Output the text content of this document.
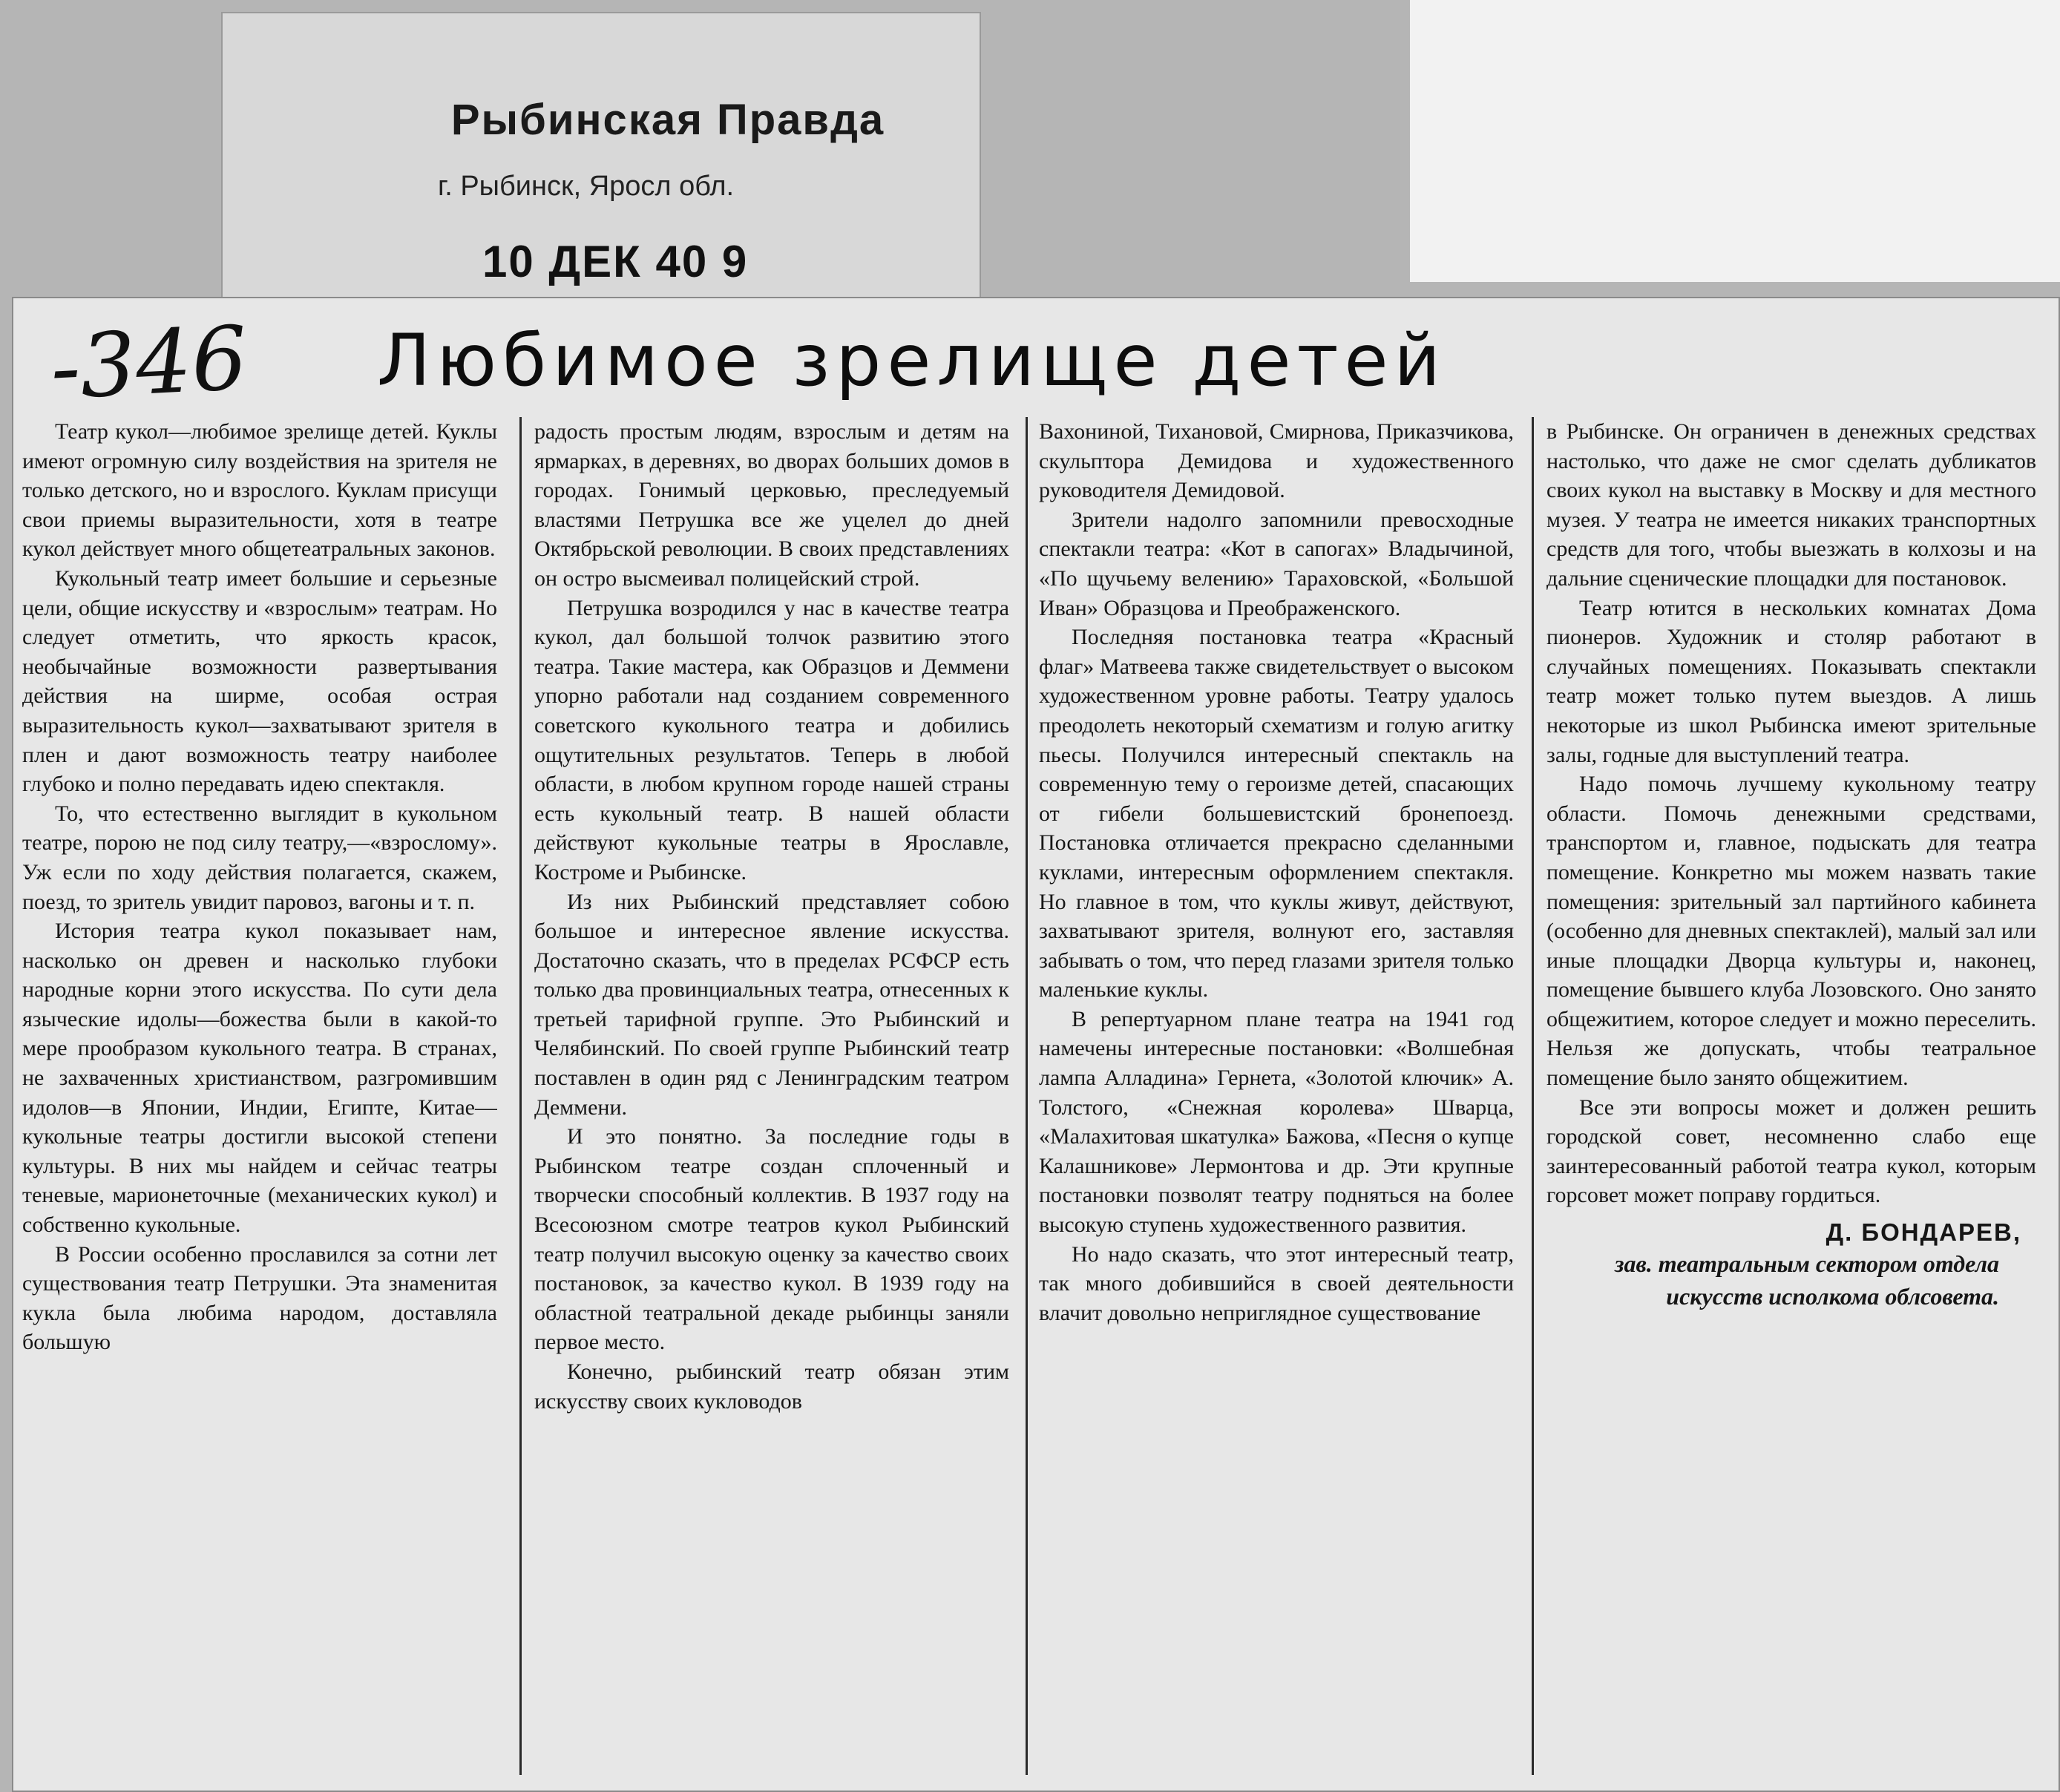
Рыбинская Правда
г. Рыбинск, Яросл обл.
10 ДЕК 40 9
-346 Любимое зрелище детей

Театр кукол—любимое зрелище детей. Куклы имеют огромную силу воздействия на зрителя не только детского, но и взрослого. Куклам присущи свои приемы выразительности, хотя в театре кукол действует много общетеатральных законов.

Кукольный театр имеет большие и серьезные цели, общие искусству и «взрослым» театрам. Но следует отметить, что яркость красок, необычайные возможности развертывания действия на ширме, особая острая выразительность кукол—захватывают зрителя в плен и дают возможность театру наиболее глубоко и полно передавать идею спектакля.

То, что естественно выглядит в кукольном театре, порою не под силу театру,—«взрослому». Уж если по ходу действия полагается, скажем, поезд, то зритель увидит паровоз, вагоны и т. п.

История театра кукол показывает нам, насколько он древен и насколько глубоки народные корни этого искусства. По сути дела языческие идолы—божества были в какой-то мере прообразом кукольного театра. В странах, не захваченных христианством, разгромившим идолов—в Японии, Индии, Египте, Китае—кукольные театры достигли высокой степени культуры. В них мы найдем и сейчас театры теневые, марионеточные (механических кукол) и собственно кукольные.

В России особенно прославился за сотни лет существования театр Петрушки. Эта знаменитая кукла была любима народом, доставляла большую

радость простым людям, взрослым и детям на ярмарках, в деревнях, во дворах больших домов в городах. Гонимый церковью, преследуемый властями Петрушка все же уцелел до дней Октябрьской революции. В своих представлениях он остро высмеивал полицейский строй.

Петрушка возродился у нас в качестве театра кукол, дал большой толчок развитию этого театра. Такие мастера, как Образцов и Деммени упорно работали над созданием современного советского кукольного театра и добились ощутительных результатов. Теперь в любой области, в любом крупном городе нашей страны есть кукольный театр. В нашей области действуют кукольные театры в Ярославле, Костроме и Рыбинске.

Из них Рыбинский представляет собою большое и интересное явление искусства. Достаточно сказать, что в пределах РСФСР есть только два провинциальных театра, отнесенных к третьей тарифной группе. Это Рыбинский и Челябинский. По своей группе Рыбинский театр поставлен в один ряд с Ленинградским театром Деммени.

И это понятно. За последние годы в Рыбинском театре создан сплоченный и творчески способный коллектив. В 1937 году на Всесоюзном смотре театров кукол Рыбинский театр получил высокую оценку за качество своих постановок, за качество кукол. В 1939 году на областной театральной декаде рыбинцы заняли первое место.

Конечно, рыбинский театр обязан этим искусству своих кукловодов

Вахониной, Тихановой, Смирнова, Приказчикова, скульптора Демидова и художественного руководителя Демидовой.

Зрители надолго запомнили превосходные спектакли театра: «Кот в сапогах» Владычиной, «По щучьему велению» Тараховской, «Большой Иван» Образцова и Преображенского.

Последняя постановка театра «Красный флаг» Матвеева также свидетельствует о высоком художественном уровне работы. Театру удалось преодолеть некоторый схематизм и голую агитку пьесы. Получился интересный спектакль на современную тему о героизме детей, спасающих от гибели большевистский бронепоезд. Постановка отличается прекрасно сделанными куклами, интересным оформлением спектакля. Но главное в том, что куклы живут, действуют, захватывают зрителя, волнуют его, заставляя забывать о том, что перед глазами зрителя только маленькие куклы.

В репертуарном плане театра на 1941 год намечены интересные постановки: «Волшебная лампа Алладина» Гернета, «Золотой ключик» А. Толстого, «Снежная королева» Шварца, «Малахитовая шкатулка» Бажова, «Песня о купце Калашникове» Лермонтова и др. Эти крупные постановки позволят театру подняться на более высокую ступень художественного развития.

Но надо сказать, что этот интересный театр, так много добившийся в своей деятельности влачит довольно неприглядное существование

в Рыбинске. Он ограничен в денежных средствах настолько, что даже не смог сделать дубликатов своих кукол на выставку в Москву и для местного музея. У театра не имеется никаких транспортных средств для того, чтобы выезжать в колхозы и на дальние сценические площадки для постановок.

Театр ютится в нескольких комнатах Дома пионеров. Художник и столяр работают в случайных помещениях. Показывать спектакли театр может только путем выездов. А лишь некоторые из школ Рыбинска имеют зрительные залы, годные для выступлений театра.

Надо помочь лучшему кукольному театру области. Помочь денежными средствами, транспортом и, главное, подыскать для театра помещение. Конкретно мы можем назвать такие помещения: зрительный зал партийного кабинета (особенно для дневных спектаклей), малый зал или иные площадки Дворца культуры и, наконец, помещение бывшего клуба Лозовского. Оно занято общежитием, которое следует и можно переселить. Нельзя же допускать, чтобы театральное помещение было занято общежитием.

Все эти вопросы может и должен решить городской совет, несомненно слабо еще заинтересованный работой театра кукол, которым горсовет может поправу гордиться.

Д. БОНДАРЕВ,
зав. театральным сектором отдела искусств исполкома облсовета.
